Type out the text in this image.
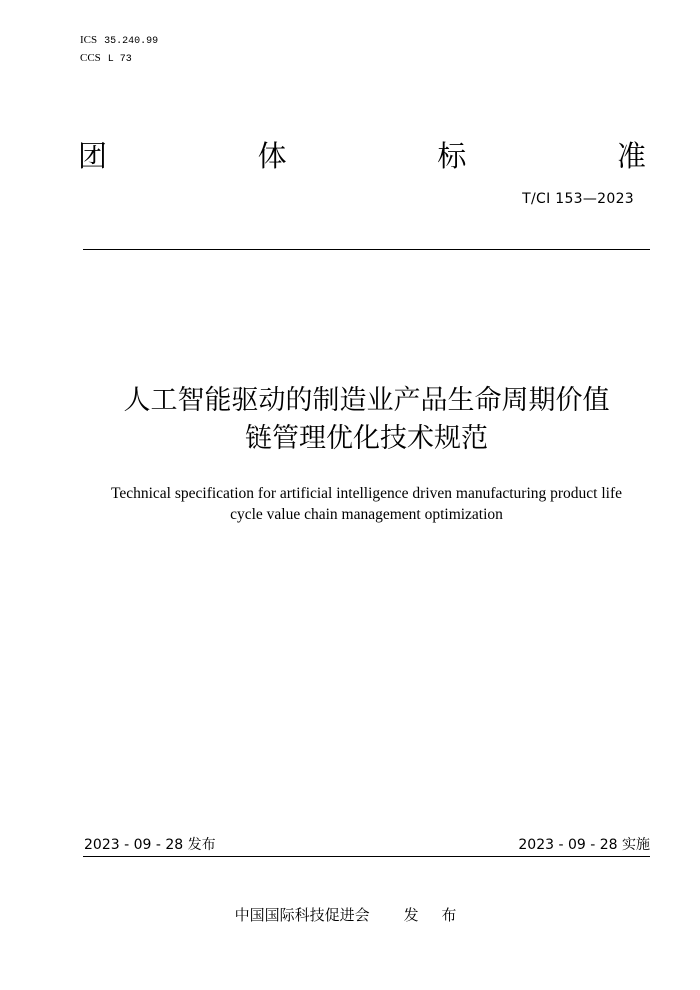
ICS 35.240.99
CCS L 73
团	体	标	准
T/CI 153—2023
人工智能驱动的制造业产品生命周期价值
链管理优化技术规范
Technical specification for artificial intelligence driven manufacturing product life
cycle value chain management optimization
2023 - 09 - 28 发布	2023 - 09 - 28 实施
中国国际科技促进会 发 布
